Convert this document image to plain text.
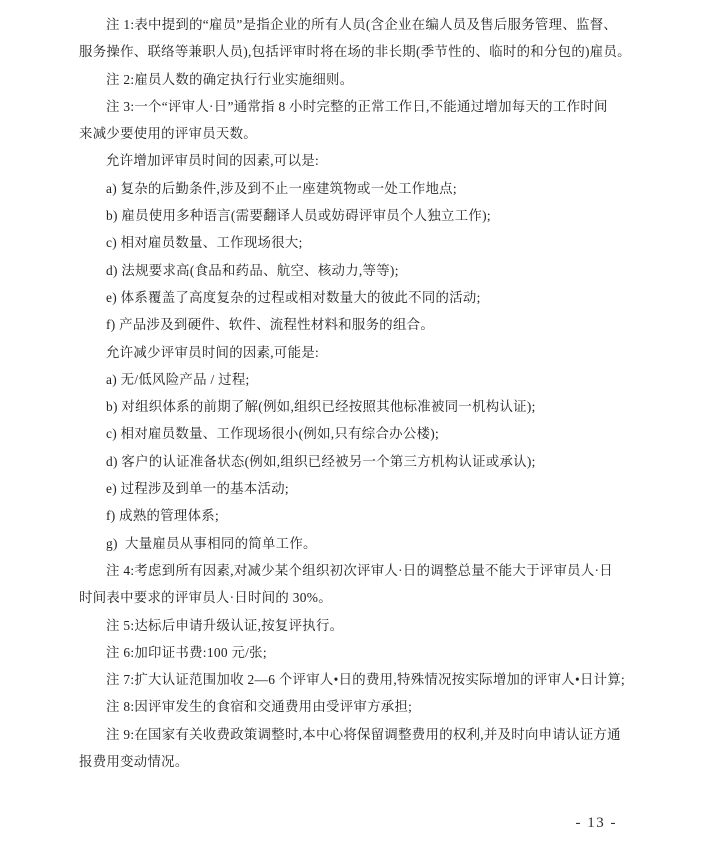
注 1:表中提到的“雇员”是指企业的所有人员(含企业在编人员及售后服务管理、监督、
服务操作、联络等兼职人员),包括评审时将在场的非长期(季节性的、临时的和分包的)雇员。
注 2:雇员人数的确定执行行业实施细则。
注 3:一个“评审人·日”通常指 8 小时完整的正常工作日,不能通过增加每天的工作时间
来减少要使用的评审员天数。
允许增加评审员时间的因素,可以是:
a) 复杂的后勤条件,涉及到不止一座建筑物或一处工作地点;
b) 雇员使用多种语言(需要翻译人员或妨碍评审员个人独立工作);
c) 相对雇员数量、工作现场很大;
d) 法规要求高(食品和药品、航空、核动力,等等);
e) 体系覆盖了高度复杂的过程或相对数量大的彼此不同的活动;
f) 产品涉及到硬件、软件、流程性材料和服务的组合。
允许减少评审员时间的因素,可能是:
a) 无/低风险产品 / 过程;
b) 对组织体系的前期了解(例如,组织已经按照其他标准被同一机构认证);
c) 相对雇员数量、工作现场很小(例如,只有综合办公楼);
d) 客户的认证准备状态(例如,组织已经被另一个第三方机构认证或承认);
e) 过程涉及到单一的基本活动;
f) 成熟的管理体系;
g)  大量雇员从事相同的简单工作。
注 4:考虑到所有因素,对减少某个组织初次评审人·日的调整总量不能大于评审员人·日
时间表中要求的评审员人·日时间的 30%。
注 5:达标后申请升级认证,按复评执行。
注 6:加印证书费:100 元/张;
注 7:扩大认证范围加收 2—6 个评审人•日的费用,特殊情况按实际增加的评审人•日计算;
注 8:因评审发生的食宿和交通费用由受评审方承担;
注 9:在国家有关收费政策调整时,本中心将保留调整费用的权利,并及时向申请认证方通
报费用变动情况。
- 13 -
